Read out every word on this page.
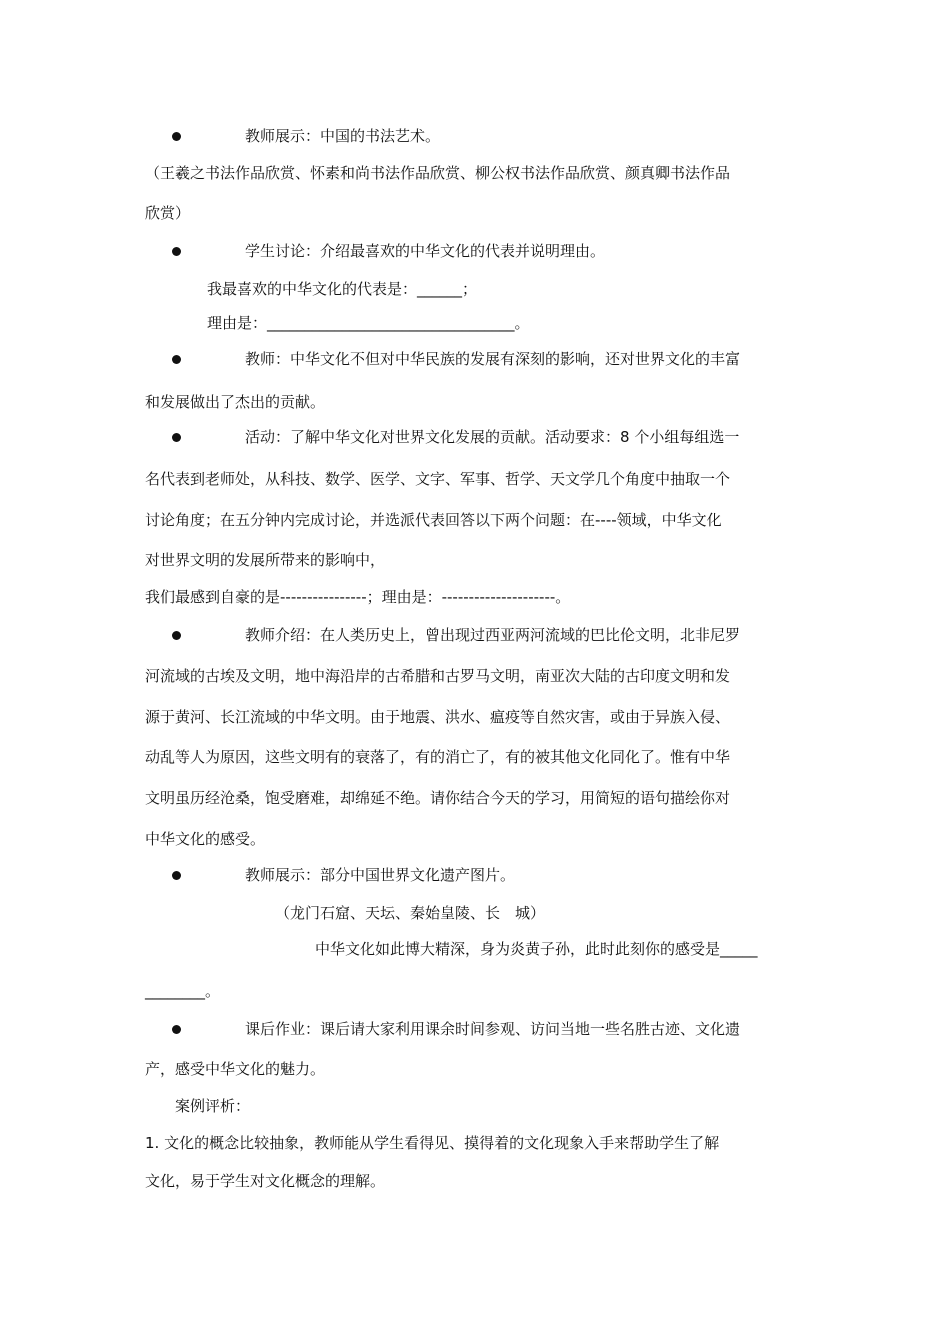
教师展示：中国的书法艺术。
（王羲之书法作品欣赏、怀素和尚书法作品欣赏、柳公权书法作品欣赏、颜真卿书法作品
欣赏）
学生讨论：介绍最喜欢的中华文化的代表并说明理由。
我最喜欢的中华文化的代表是：______；
理由是：_________________________________。
教师：中华文化不但对中华民族的发展有深刻的影响，还对世界文化的丰富
和发展做出了杰出的贡献。
活动：了解中华文化对世界文化发展的贡献。活动要求：8 个小组每组选一
名代表到老师处，从科技、数学、医学、文字、军事、哲学、天文学几个角度中抽取一个
讨论角度；在五分钟内完成讨论，并选派代表回答以下两个问题：在----领域，中华文化
对世界文明的发展所带来的影响中，
我们最感到自豪的是----------------；理由是：---------------------。
教师介绍：在人类历史上，曾出现过西亚两河流域的巴比伦文明，北非尼罗
河流域的古埃及文明，地中海沿岸的古希腊和古罗马文明，南亚次大陆的古印度文明和发
源于黄河、长江流域的中华文明。由于地震、洪水、瘟疫等自然灾害，或由于异族入侵、
动乱等人为原因，这些文明有的衰落了，有的消亡了，有的被其他文化同化了。惟有中华
文明虽历经沧桑，饱受磨难，却绵延不绝。请你结合今天的学习，用简短的语句描绘你对
中华文化的感受。
教师展示：部分中国世界文化遗产图片。
（龙门石窟、天坛、秦始皇陵、长　城）
中华文化如此博大精深，身为炎黄子孙，此时此刻你的感受是_____
________。
课后作业：课后请大家利用课余时间参观、访问当地一些名胜古迹、文化遗
产，感受中华文化的魅力。
案例评析：
1. 文化的概念比较抽象，教师能从学生看得见、摸得着的文化现象入手来帮助学生了解
文化，易于学生对文化概念的理解。
